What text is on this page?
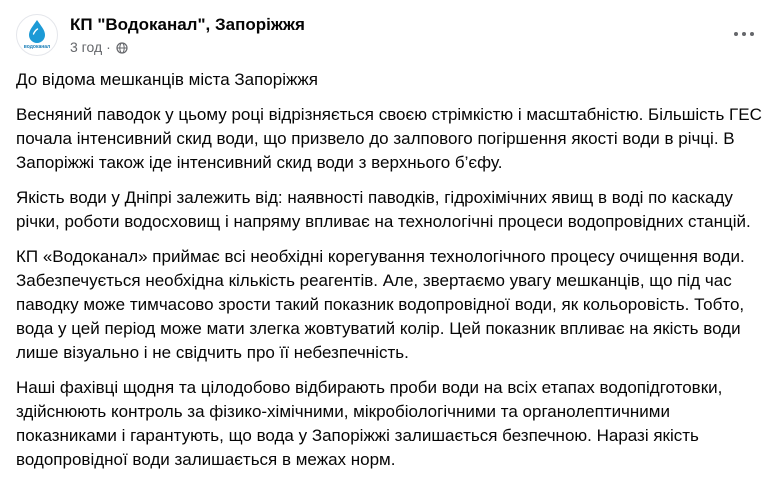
водоканал
КП "Водоканал", Запоріжжя
3 год ·

До відома мешканців міста Запоріжжя

Весняний паводок у цьому році відрізняється своєю стрімкістю і масштабністю. Більшість ГЕС почала інтенсивний скид води, що призвело до залпового погіршення якості води в річці. В Запоріжжі також іде інтенсивний скид води з верхнього б’єфу.

Якість води у Дніпрі залежить від: наявності паводків, гідрохімічних явищ в воді по каскаду річки, роботи водосховищ і напряму впливає на технологічні процеси водопровідних станцій.

КП «Водоканал» приймає всі необхідні корегування технологічного процесу очищення води. Забезпечується необхідна кількість реагентів. Але, звертаємо увагу мешканців, що під час паводку може тимчасово зрости такий показник водопровідної води, як кольоровість. Тобто, вода у цей період може мати злегка жовтуватий колір. Цей показник впливає на якість води лише візуально і не свідчить про її небезпечність.

Наші фахівці щодня та цілодобово відбирають проби води на всіх етапах водопідготовки, здійснюють контроль за фізико-хімічними, мікробіологічними та органолептичними показниками і гарантують, що вода у Запоріжжі залишається безпечною. Наразі якість водопровідної води залишається в межах норм.
